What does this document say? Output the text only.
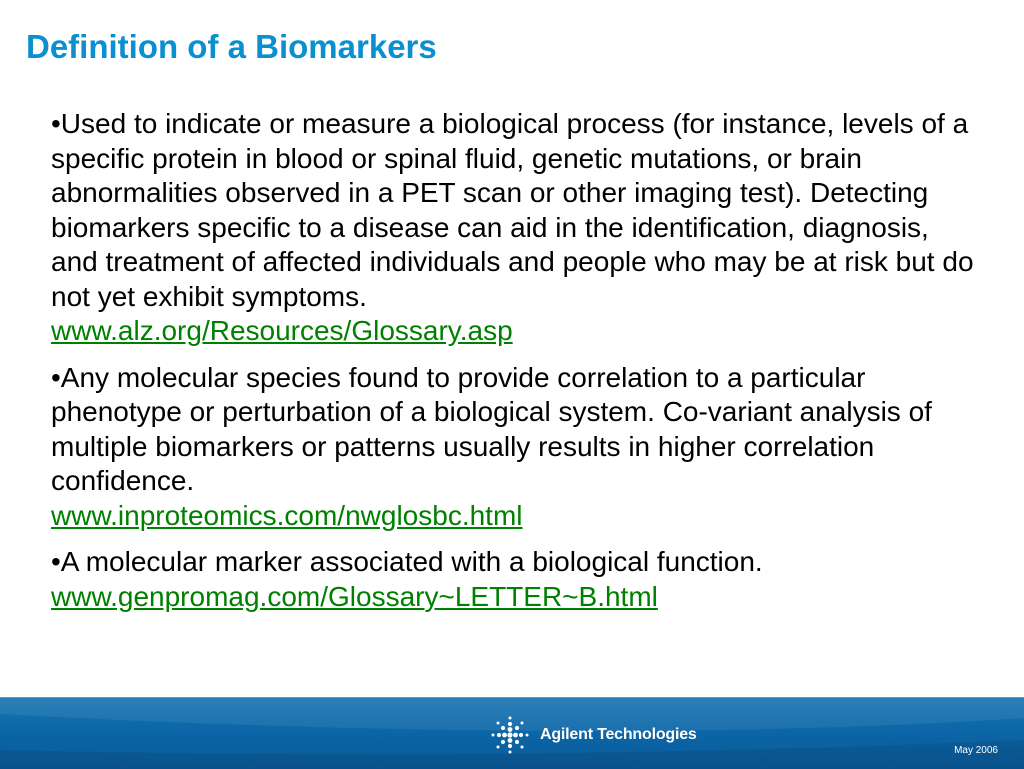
Definition of a Biomarkers

•Used to indicate or measure a biological process (for instance, levels of a specific protein in blood or spinal fluid, genetic mutations, or brain abnormalities observed in a PET scan or other imaging test). Detecting biomarkers specific to a disease can aid in the identification, diagnosis, and treatment of affected individuals and people who may be at risk but do not yet exhibit symptoms.

www.alz.org/Resources/Glossary.asp

•Any molecular species found to provide correlation to a particular phenotype or perturbation of a biological system. Co-variant analysis of multiple biomarkers or patterns usually results in higher correlation confidence.

www.inproteomics.com/nwglosbc.html

•A molecular marker associated with a biological function.

www.genpromag.com/Glossary~LETTER~B.html
Agilent Technologies
May 2006
